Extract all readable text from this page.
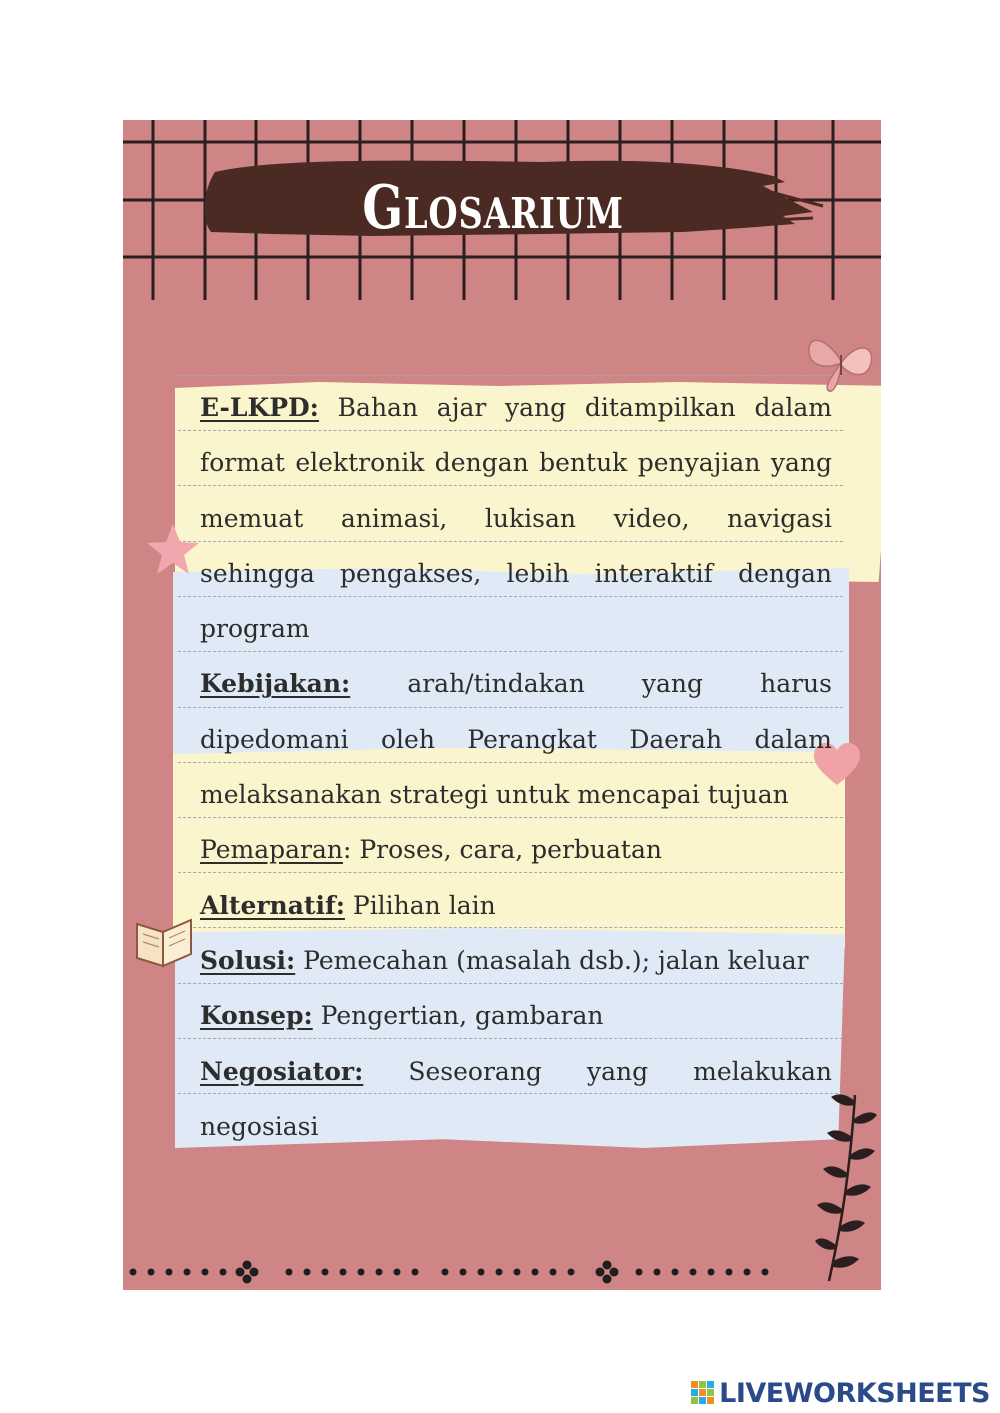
Glosarium

E-LKPD: Bahan ajar yang ditampilkan dalam format elektronik dengan bentuk penyajian yang memuat animasi, lukisan video, navigasi sehingga pengakses, lebih interaktif dengan program

Kebijakan: arah/tindakan yang harus dipedomani oleh Perangkat Daerah dalam melaksanakan strategi untuk mencapai tujuan

Pemaparan: Proses, cara, perbuatan

Alternatif: Pilihan lain

Solusi: Pemecahan (masalah dsb.); jalan keluar

Konsep: Pengertian, gambaran

Negosiator: Seseorang yang melakukan negosiasi

LIVEWORKSHEETS
